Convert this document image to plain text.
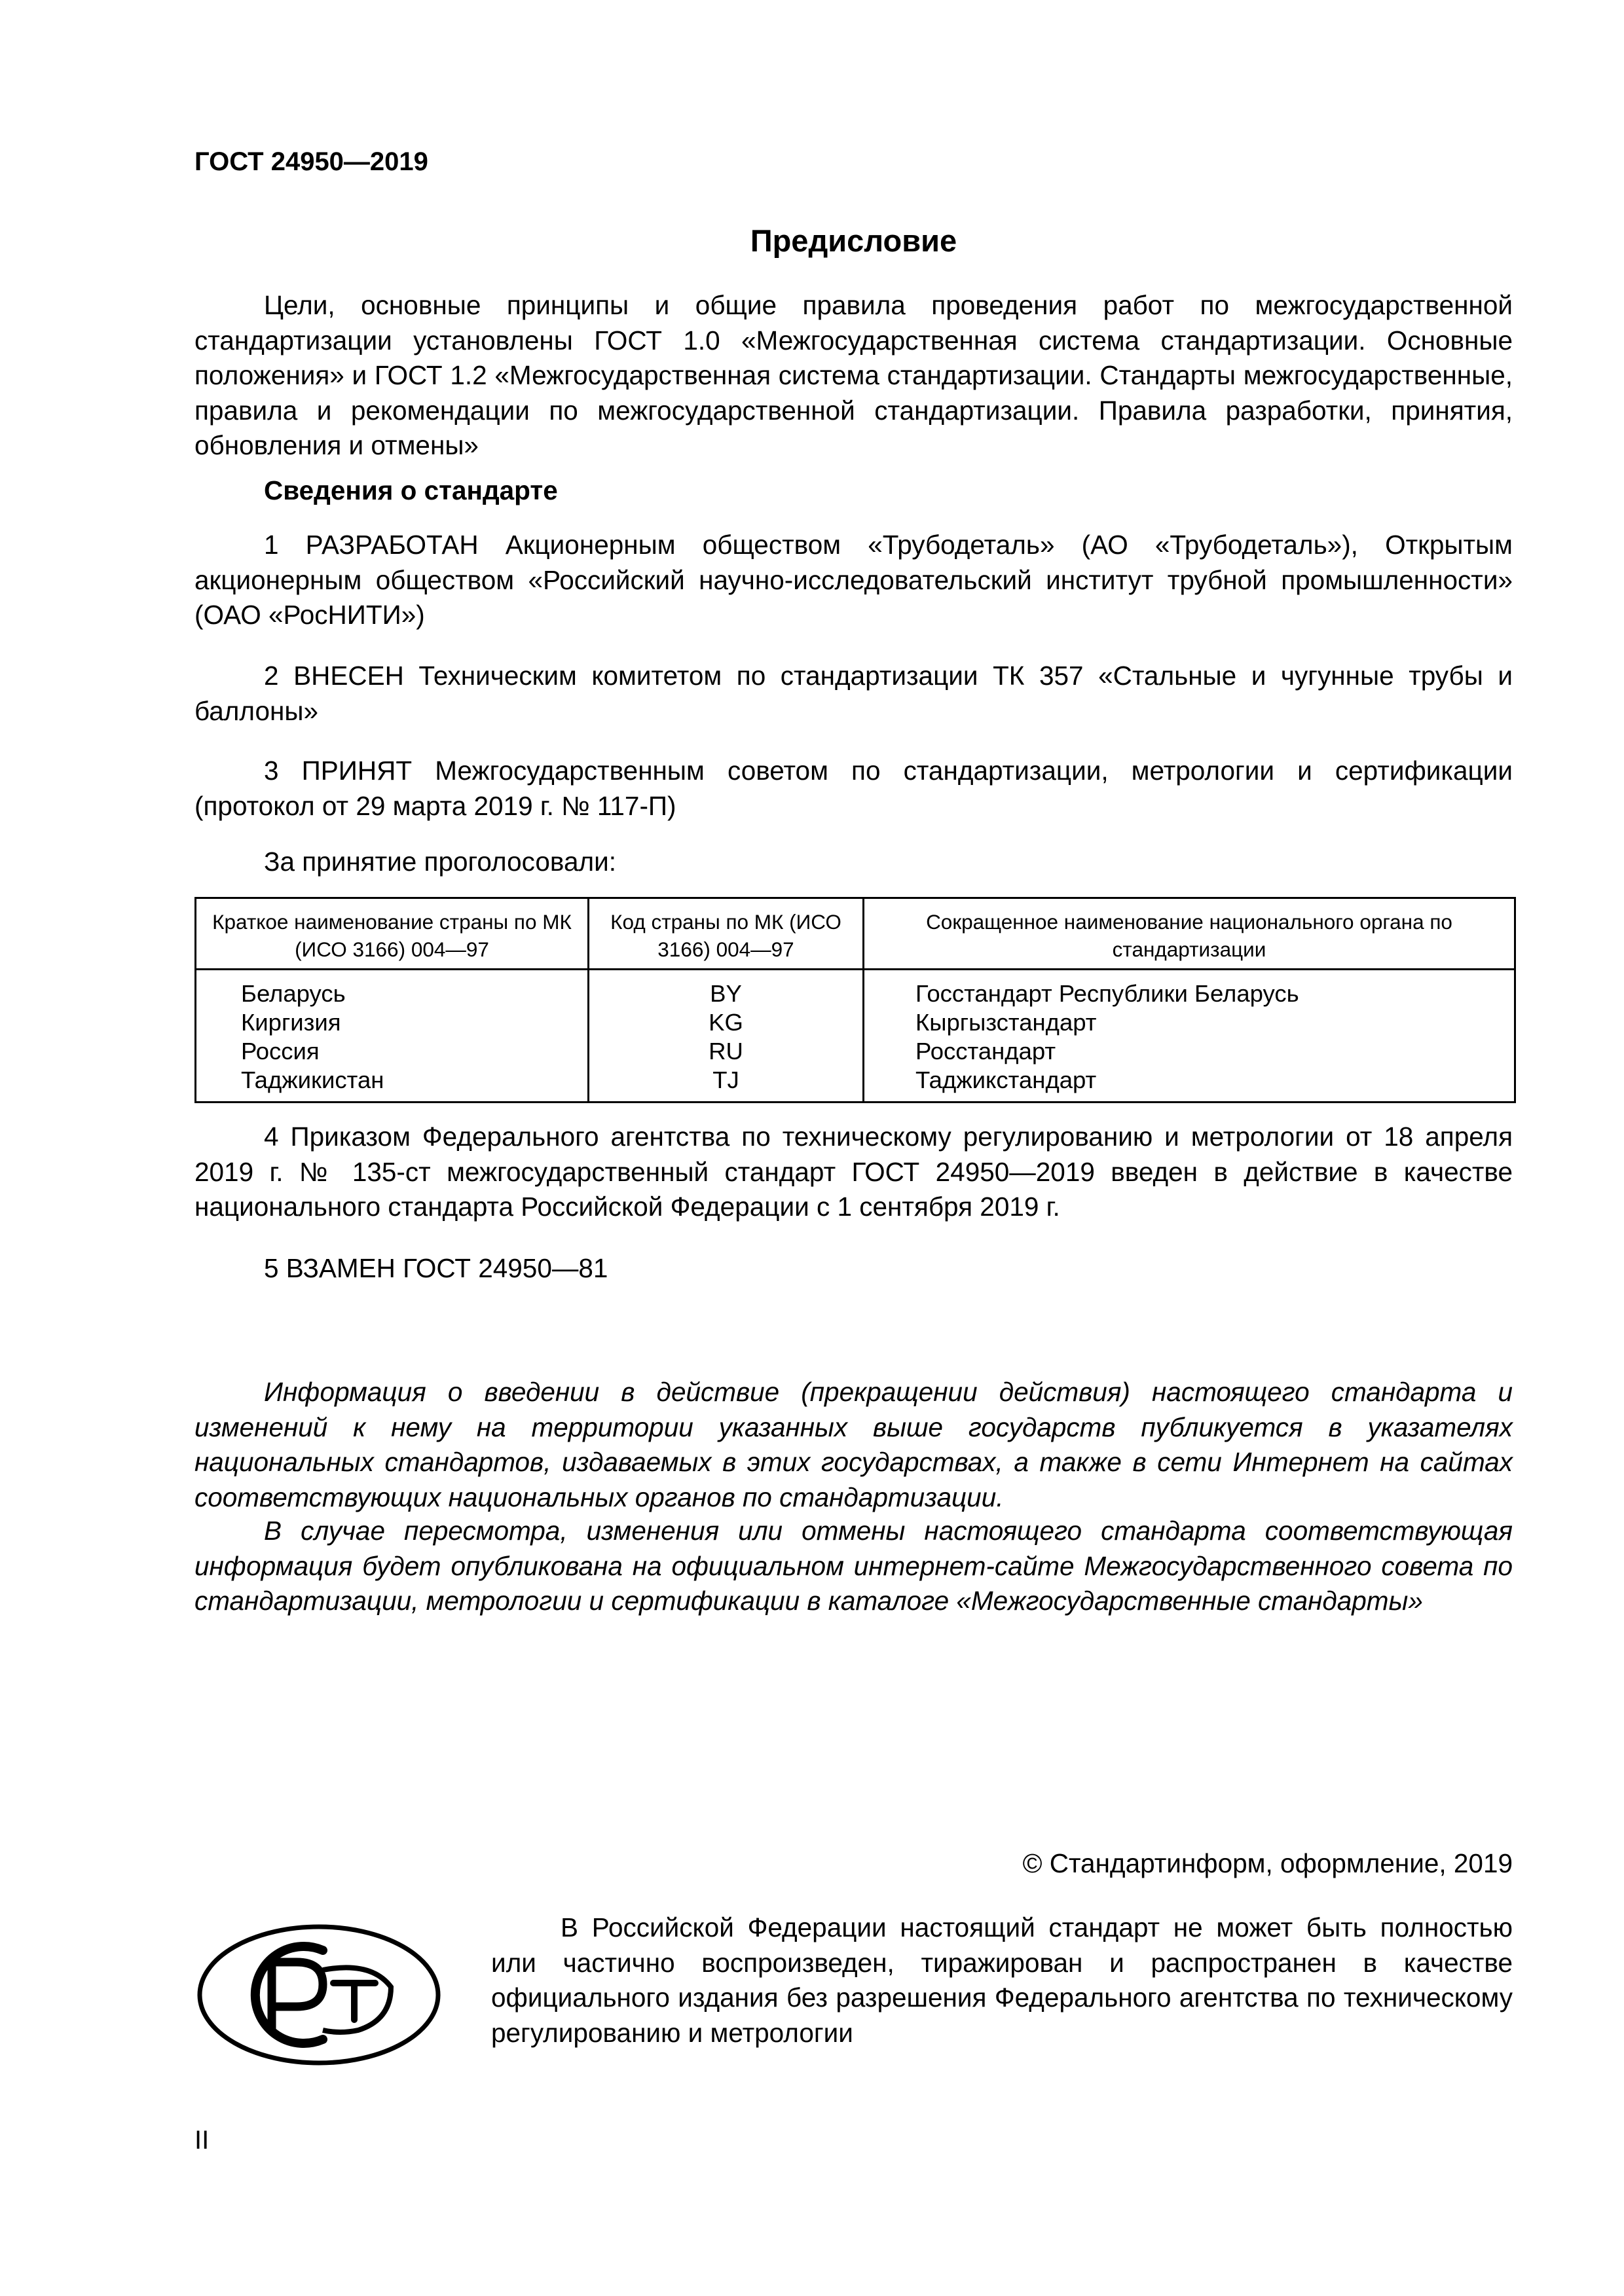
ГОСТ 24950—2019

Предисловие

Цели, основные принципы и общие правила проведения работ по межгосударственной стандартизации установлены ГОСТ 1.0 «Межгосударственная система стандартизации. Основные положения» и ГОСТ 1.2 «Межгосударственная система стандартизации. Стандарты межгосударственные, правила и рекомендации по межгосударственной стандартизации. Правила разработки, принятия, обновления и отмены»

Сведения о стандарте

1 РАЗРАБОТАН Акционерным обществом «Трубодеталь» (АО «Трубодеталь»), Открытым акционерным обществом «Российский научно-исследовательский институт трубной промышленности» (ОАО «РосНИТИ»)

2 ВНЕСЕН Техническим комитетом по стандартизации ТК 357 «Стальные и чугунные трубы и баллоны»

3 ПРИНЯТ Межгосударственным советом по стандартизации, метрологии и сертификации (протокол от 29 марта 2019 г. № 117-П)

За принятие проголосовали:

Краткое наименование страны по МК (ИСО 3166) 004—97	Код страны по МК (ИСО 3166) 004—97	Сокращенное наименование национального органа по стандартизации
Беларусь	BY	Госстандарт Республики Беларусь
Киргизия	KG	Кыргызстандарт
Россия	RU	Росстандарт
Таджикистан	TJ	Таджикстандарт

4 Приказом Федерального агентства по техническому регулированию и метрологии от 18 апреля 2019 г. № 135-ст межгосударственный стандарт ГОСТ 24950—2019 введен в действие в качестве национального стандарта Российской Федерации с 1 сентября 2019 г.

5 ВЗАМЕН ГОСТ 24950—81

Информация о введении в действие (прекращении действия) настоящего стандарта и изменений к нему на территории указанных выше государств публикуется в указателях национальных стандартов, издаваемых в этих государствах, а также в сети Интернет на сайтах соответствующих национальных органов по стандартизации.

В случае пересмотра, изменения или отмены настоящего стандарта соответствующая информация будет опубликована на официальном интернет-сайте Межгосударственного совета по стандартизации, метрологии и сертификации в каталоге «Межгосударственные стандарты»

© Стандартинформ, оформление, 2019

В Российской Федерации настоящий стандарт не может быть полностью или частично воспроизведен, тиражирован и распространен в качестве официального издания без разрешения Федерального агентства по техническому регулированию и метрологии

II
